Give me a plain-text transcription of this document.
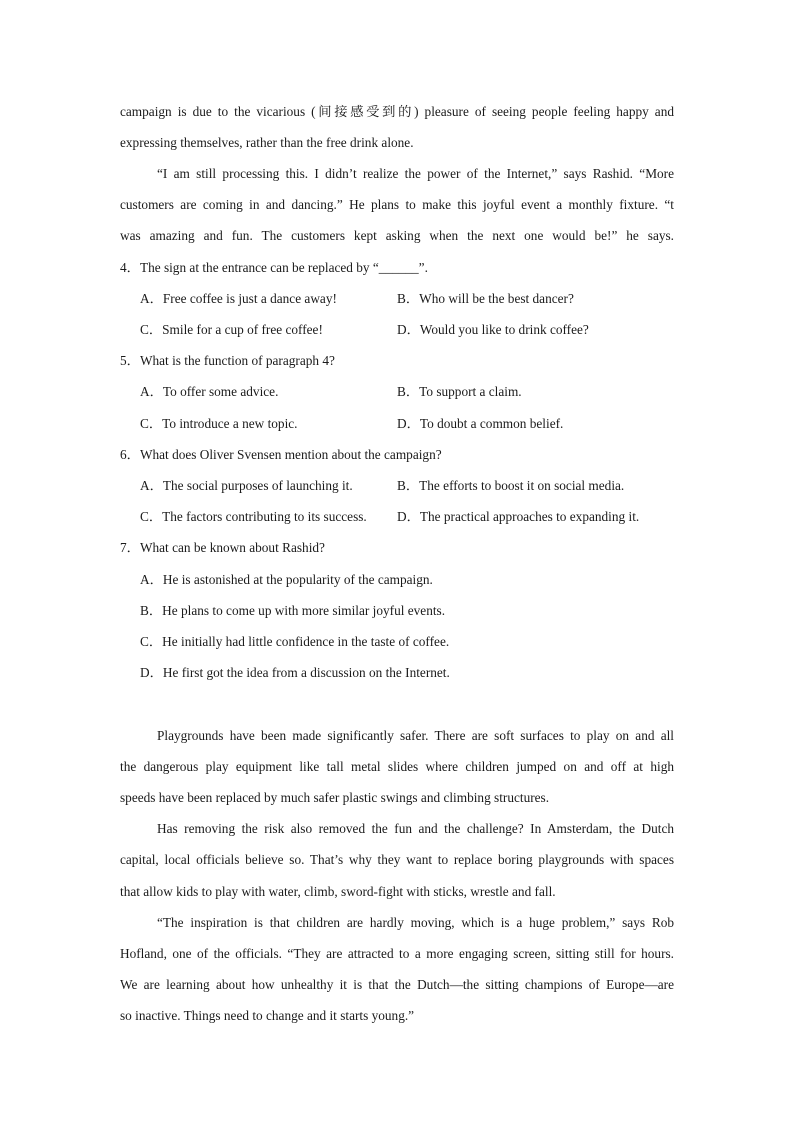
campaign is due to the vicarious (间接感受到的) pleasure of seeing people feeling happy and
expressing themselves, rather than the free drink alone.
“I am still processing this. I didn’t realize the power of the Internet,” says Rashid. “More
customers are coming in and dancing.” He plans to make this joyful event a monthly fixture. “t
was amazing and fun. The customers kept asking when the next one would be!” he says.
4．The sign at the entrance can be replaced by “______”.
A．Free coffee is just a dance away!	B．Who will be the best dancer?
C．Smile for a cup of free coffee!	D．Would you like to drink coffee?
5．What is the function of paragraph 4?
A．To offer some advice.	B．To support a claim.
C．To introduce a new topic.	D．To doubt a common belief.
6．What does Oliver Svensen mention about the campaign?
A．The social purposes of launching it.	B．The efforts to boost it on social media.
C．The factors contributing to its success.	D．The practical approaches to expanding it.
7．What can be known about Rashid?
A．He is astonished at the popularity of the campaign.
B．He plans to come up with more similar joyful events.
C．He initially had little confidence in the taste of coffee.
D．He first got the idea from a discussion on the Internet.
Playgrounds have been made significantly safer. There are soft surfaces to play on and all
the dangerous play equipment like tall metal slides where children jumped on and off at high
speeds have been replaced by much safer plastic swings and climbing structures.
Has removing the risk also removed the fun and the challenge? In Amsterdam, the Dutch
capital, local officials believe so. That’s why they want to replace boring playgrounds with spaces
that allow kids to play with water, climb, sword-fight with sticks, wrestle and fall.
“The inspiration is that children are hardly moving, which is a huge problem,” says Rob
Hofland, one of the officials. “They are attracted to a more engaging screen, sitting still for hours.
We are learning about how unhealthy it is that the Dutch—the sitting champions of Europe—are
so inactive. Things need to change and it starts young.”
